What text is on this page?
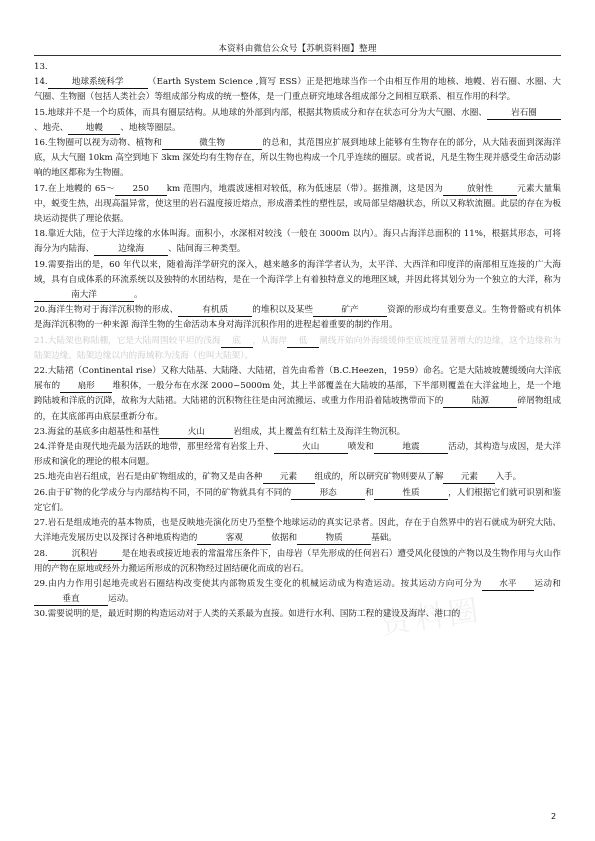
本资料由微信公众号【苏帆资料圈】整理

13.

14.	地球系统科学	（Earth System Science ,简写 ESS）正是把地球当作一个由相互作用的地核、地幔、岩石圈、水圈、大气圈、生物圈（包括人类社会）等组成部分构成的统一整体，是一门重点研究地球各组成部分之间相互联系、相互作用的科学。

15.地球并不是一个均质体，而具有圈层结构。从地球的外部到内部，根据其物质成分和存在状态可分为大气圈、水圈、	岩石圈、地壳、 地幔 、地核等圈层。

16.生物圈可以视为动物、植物和	微生物	的总和，其范围应扩展到地球上能够有生物存在的部分，从大陆表面到深海洋底，从大气圈 10km 高空到地下 3km 深处均有生物存在，所以生物也构成一个几乎连续的圈层。或者说，凡是生物生现并感受生命活动影响的地区都称为生物圈。

17.在上地幔的 65～ 250 km 范围内，地震波速相对较低，称为低速层（带）。据推测，这是因为	放射性	元素大量集中，蜕变生热，出现高温异常，使这里的岩石温度接近熔点，形成潜柔性的塑性层，或局部呈熔融状态，所以又称软流圈。此层的存在为板块运动提供了理论依据。

18.靠近大陆，位于大洋边缘的水体叫海。面积小，水深相对较浅（一般在 3000m 以内）。海只占海洋总面积的 11%，根据其形态，可将海分为内陆海、	边缘海	、陆间海三种类型。

19.需要指出的是，60 年代以来，随着海洋学研究的深入，越来越多的海洋学者认为，太平洋、大西洋和印度洋的南部相互连接的广大海域，具有自成体系的环流系统以及独特的水团结构，是在一个海洋学上有着独特意义的地理区域，并因此将其划分为一个独立的大洋，称为南大洋	。

20.海洋生物对于海洋沉积物的形成、	有机质	的堆积以及某些	矿产	资源的形成均有重要意义。生物骨骼或有机体是海洋沉积物的一种来源 海洋生物的生命活动本身对海洋沉积作用的进程起着重要的制约作用。

21.大陆架也称陆棚，它是大陆周围较平坦的浅海 底 ，从海岸 低 潮线开始向外海缓缓伸至底坡度显著增大的边缘，这个边缘称为陆架边缘。陆架边缘以内的海域称为浅海（也叫大陆架）。

22.大陆裙（Continental rise）又称大陆基、大陆隆、大陆裙，首先由希普（B.C.Heezen，1959）命名。它是大陆坡坡麓缓缓向大洋底展布的 扇形 堆积体，一般分布在水深 2000~5000m 处，其上半部覆盖在大陆坡的基部，下半部则覆盖在大洋盆地上，是一个地跨陆坡和洋底的沉降，故称为大陆裙。大陆裙的沉积物往往是由河流搬运、或重力作用沿着陆坡携带而下的	陆源	碎屑物组成的，在其底部再由底层重新分布。

23.海盆的基底多由超基性和基性	火山	岩组成，其上覆盖有红粘土及海洋生物沉积。

24.洋脊是由现代地壳最为活跃的地带，那里经常有岩浆上升、	火山	喷发和	地震	活动，其构造与成因，是大洋形成和演化的理论的根本问题。

25.地壳由岩石组成，岩石是由矿物组成的，矿物又是由各种 元素 组成的，所以研究矿物则要从了解 元素 入手。

26.由于矿物的化学成分与内部结构不同，不同的矿物就具有不同的	形态	和	性质	，人们根据它们就可识别和鉴定它们。

27.岩石是组成地壳的基本物质，也是反映地壳演化历史乃至整个地球运动的真实记录者。因此，存在于自然界中的岩石就成为研究大陆、大洋地壳发展历史以及探讨各种地质构造的	客观	依据和	物质	基础。

28.	沉积岩	是在地表或接近地表的常温常压条件下，由母岩（早先形成的任何岩石）遭受风化侵蚀的产物以及生物作用与火山作用的产物在原地或经外力搬运所形成的沉积物经过固结硬化而成的岩石。

29.由内力作用引起地壳或岩石圈结构改变使其内部物质发生变化的机械运动成为构造运动。按其运动方向可分为 水平 运动和垂直	运动。

30.需要说明的是，最近时期的构造运动对于人类的关系最为直接。如进行水利、国防工程的建设及海岸、港口的

资料圈
2
